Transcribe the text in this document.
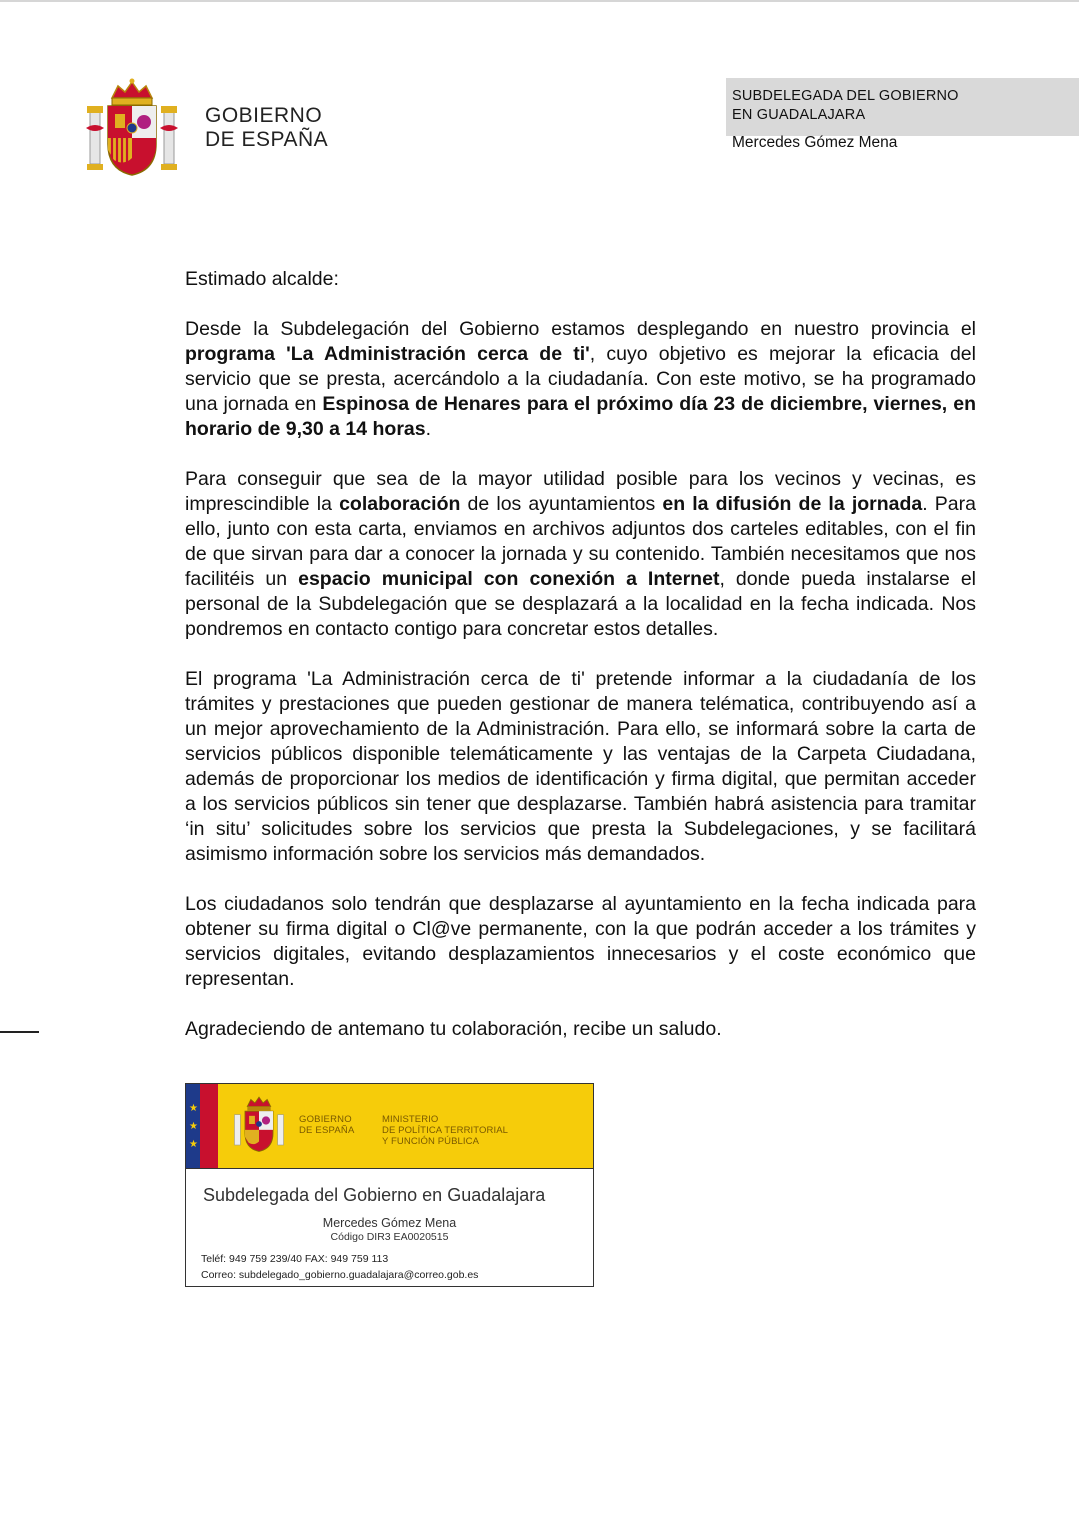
GOBIERNO
DE ESPAÑA
SUBDELEGADA DEL GOBIERNO
EN GUADALAJARA
Mercedes Gómez Mena

Estimado alcalde:

Desde la Subdelegación del Gobierno estamos desplegando en nuestro provincia el programa 'La Administración cerca de ti', cuyo objetivo es mejorar la eficacia del servicio que se presta, acercándolo a la ciudadanía. Con este motivo, se ha programado una jornada en Espinosa de Henares para el próximo día 23 de diciembre, viernes, en horario de 9,30 a 14 horas.

Para conseguir que sea de la mayor utilidad posible para los vecinos y vecinas, es imprescindible la colaboración de los ayuntamientos en la difusión de la jornada. Para ello, junto con esta carta, enviamos en archivos adjuntos dos carteles editables, con el fin de que sirvan para dar a conocer la jornada y su contenido. También necesitamos que nos facilitéis un espacio municipal con conexión a Internet, donde pueda instalarse el personal de la Subdelegación que se desplazará a la localidad en la fecha indicada. Nos pondremos en contacto contigo para concretar estos detalles.

El programa 'La Administración cerca de ti' pretende informar a la ciudadanía de los trámites y prestaciones que pueden gestionar de manera telématica, contribuyendo así a un mejor aprovechamiento de la Administración. Para ello, se informará sobre la carta de servicios públicos disponible telemáticamente y las ventajas de la Carpeta Ciudadana, además de proporcionar los medios de identificación y firma digital, que permitan acceder a los servicios públicos sin tener que desplazarse. También habrá asistencia para tramitar ‘in situ’ solicitudes sobre los servicios que presta la Subdelegaciones, y se facilitará asimismo información sobre los servicios más demandados.

Los ciudadanos solo tendrán que desplazarse al ayuntamiento en la fecha indicada para obtener su firma digital o Cl@ve permanente, con la que podrán acceder a los trámites y servicios digitales, evitando desplazamientos innecesarios y el coste económico que representan.

Agradeciendo de antemano tu colaboración, recibe un saludo.

★
★
★
GOBIERNO
DE ESPAÑA
MINISTERIO
DE POLÍTICA TERRITORIAL
Y FUNCIÓN PÚBLICA
Subdelegada del Gobierno en Guadalajara
Mercedes Gómez Mena
Código DIR3 EA0020515
Teléf: 949 759 239/40 FAX: 949 759 113
Correo: subdelegado_gobierno.guadalajara@correo.gob.es
